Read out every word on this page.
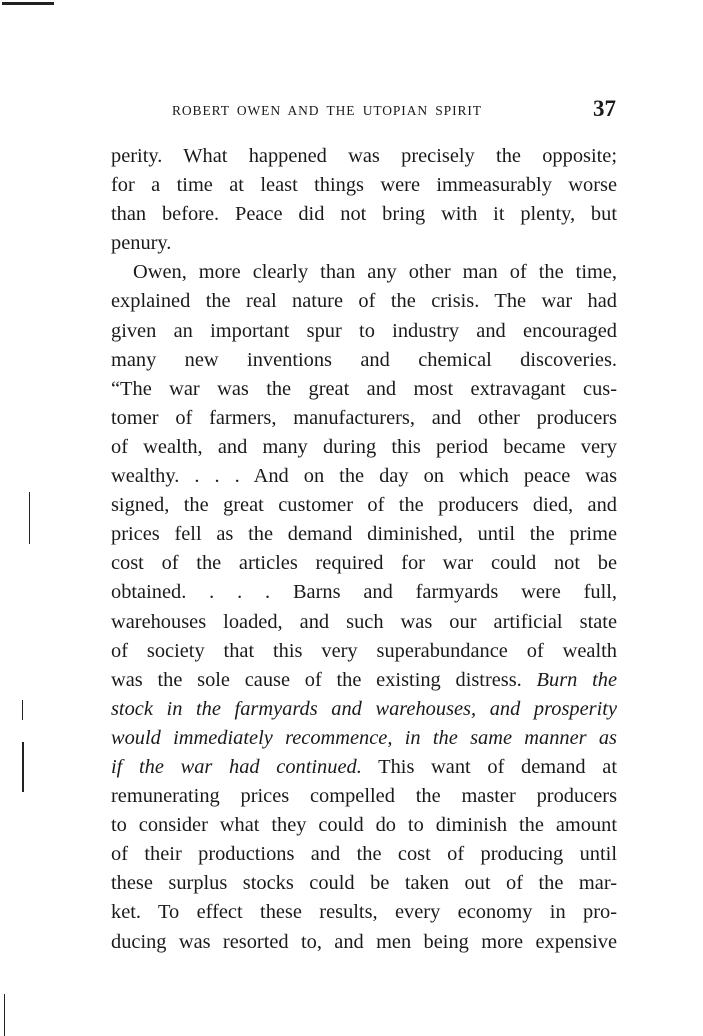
ROBERT OWEN AND THE UTOPIAN SPIRIT	37
perity. What happened was precisely the opposite;
for a time at least things were immeasurably worse
than before. Peace did not bring with it plenty, but
penury.
Owen, more clearly than any other man of the time,
explained the real nature of the crisis. The war had
given an important spur to industry and encouraged
many new inventions and chemical discoveries.
“The war was the great and most extravagant cus-
tomer of farmers, manufacturers, and other producers
of wealth, and many during this period became very
wealthy. . . . And on the day on which peace was
signed, the great customer of the producers died, and
prices fell as the demand diminished, until the prime
cost of the articles required for war could not be
obtained. . . . Barns and farmyards were full,
warehouses loaded, and such was our artificial state
of society that this very superabundance of wealth
was the sole cause of the existing distress. Burn the
stock in the farmyards and warehouses, and prosperity
would immediately recommence, in the same manner as
if the war had continued. This want of demand at
remunerating prices compelled the master producers
to consider what they could do to diminish the amount
of their productions and the cost of producing until
these surplus stocks could be taken out of the mar-
ket. To effect these results, every economy in pro-
ducing was resorted to, and men being more expensive
